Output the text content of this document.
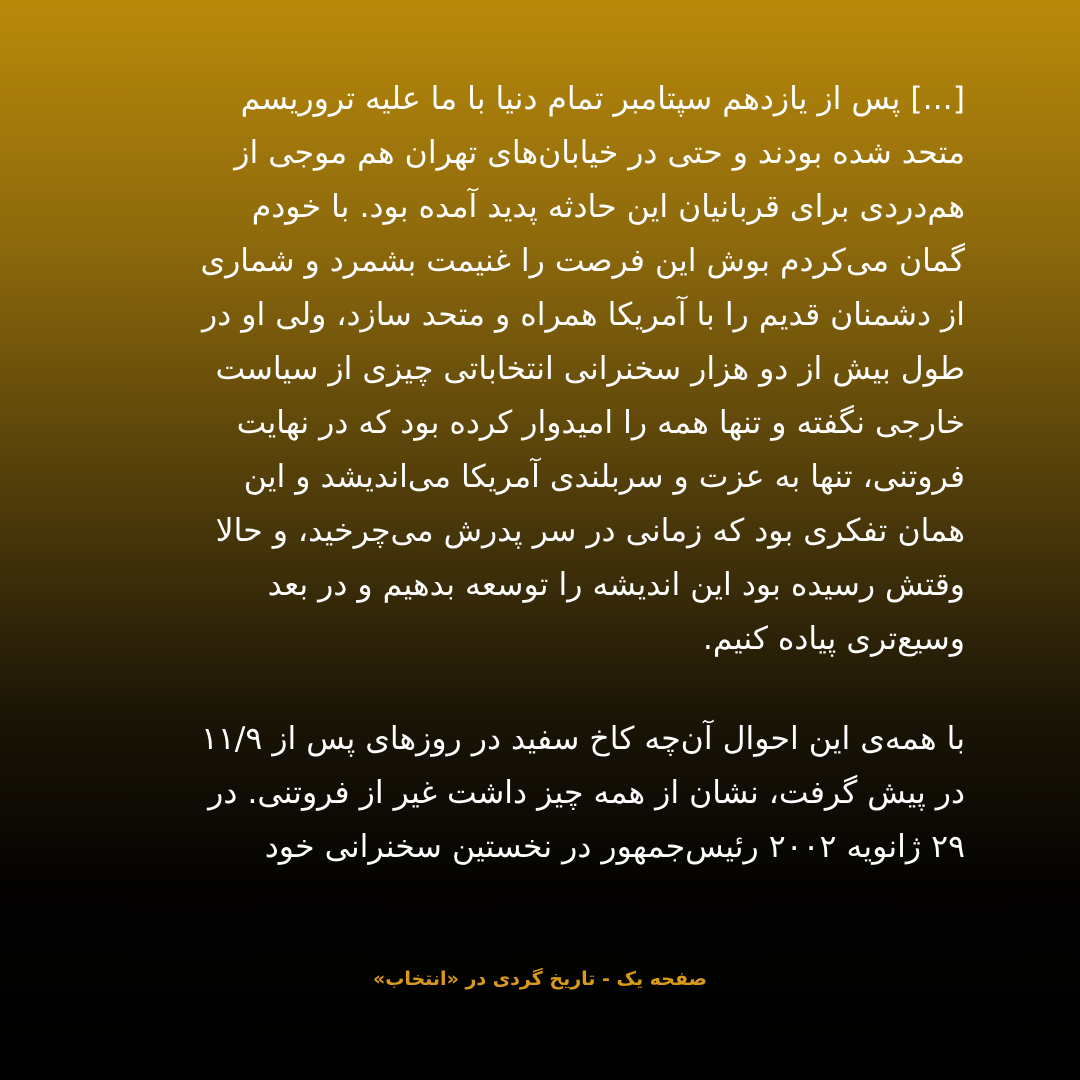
[...] پس از یازدهم سپتامبر تمام دنیا با ما علیه تروریسم
متحد شده بودند و حتی در خیابان‌های تهران هم موجی از
هم‌دردی برای قربانیان این حادثه پدید آمده بود. با خودم
گمان می‌کردم بوش این فرصت را غنیمت بشمرد و شماری
از دشمنان قدیم را با آمریکا همراه و متحد سازد، ولی او در
طول بیش از دو هزار سخنرانی انتخاباتی چیزی از سیاست
خارجی نگفته و تنها همه را امیدوار کرده بود که در نهایت
فروتنی، تنها به عزت و سربلندی آمریکا می‌اندیشد و این
همان تفکری بود که زمانی در سر پدرش می‌چرخید، و حالا
وقتش رسیده بود این اندیشه را توسعه بدهیم و در بعد
وسیع‌تری پیاده کنیم.
با همه‌ی این احوال آن‌چه کاخ سفید در روزهای پس از ۱۱/۹
در پیش گرفت، نشان از همه چیز داشت غیر از فروتنی. در
۲۹ ژانویه ۲۰۰۲ رئیس‌جمهور در نخستین سخنرانی خود
صفحه یک - تاریخ گردی در «انتخاب»
